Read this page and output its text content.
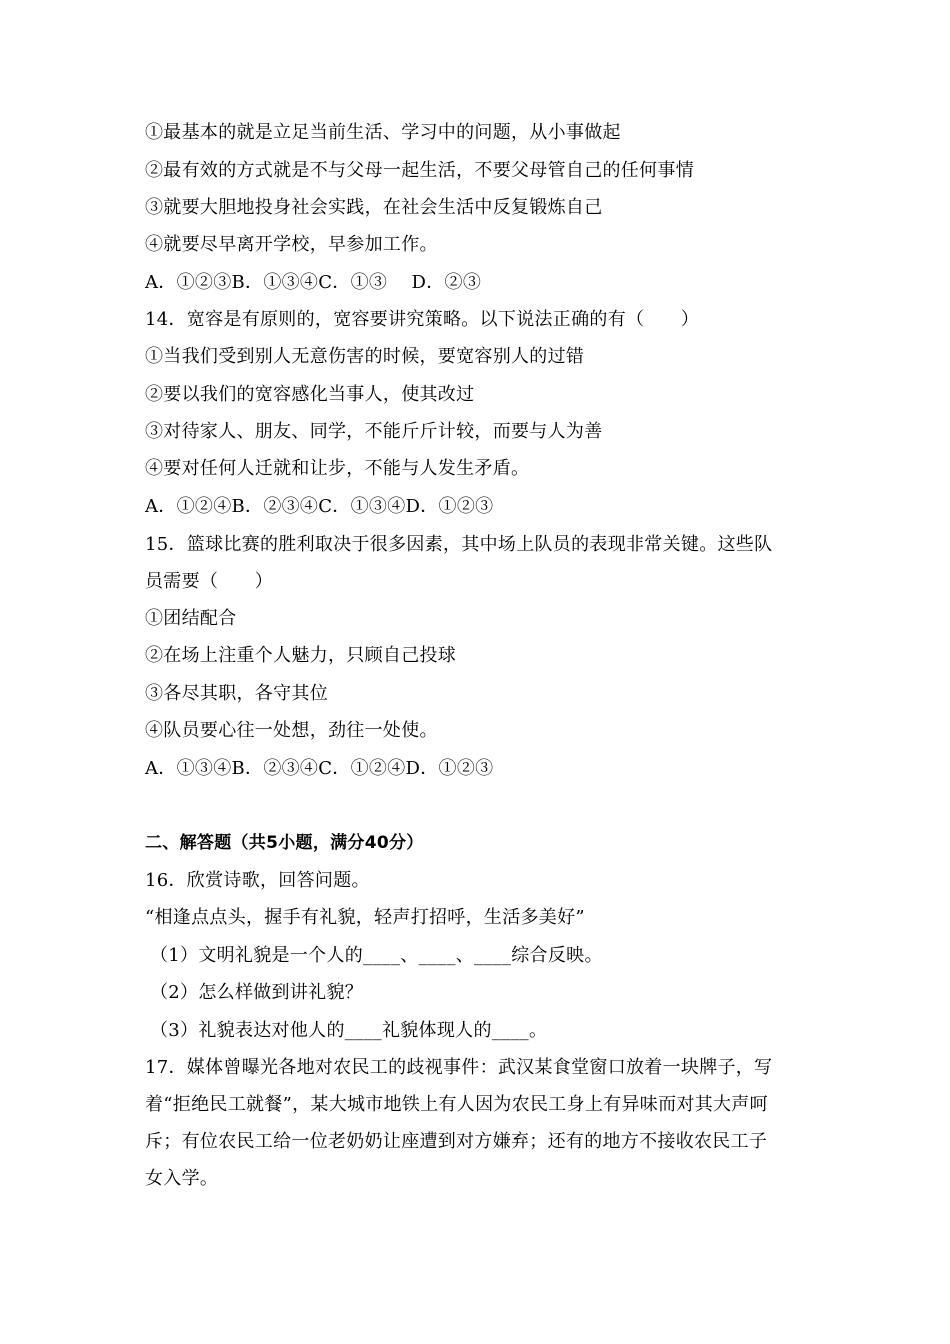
①最基本的就是立足当前生活、学习中的问题，从小事做起
②最有效的方式就是不与父母一起生活，不要父母管自己的任何事情
③就要大胆地投身社会实践，在社会生活中反复锻炼自己
④就要尽早离开学校，早参加工作。
A．①②③B．①③④C．①③　 D．②③
14．宽容是有原则的，宽容要讲究策略。以下说法正确的有（　　）
①当我们受到别人无意伤害的时候，要宽容别人的过错
②要以我们的宽容感化当事人，使其改过
③对待家人、朋友、同学，不能斤斤计较，而要与人为善
④要对任何人迁就和让步，不能与人发生矛盾。
A．①②④B．②③④C．①③④D．①②③
15．篮球比赛的胜利取决于很多因素，其中场上队员的表现非常关键。这些队
员需要（　　）
①团结配合
②在场上注重个人魅力，只顾自己投球
③各尽其职，各守其位
④队员要心往一处想，劲往一处使。
A．①③④B．②③④C．①②④D．①②③
二、解答题（共5小题，满分40分）
16．欣赏诗歌，回答问题。
“相逢点点头，握手有礼貌，轻声打招呼，生活多美好”
（1）文明礼貌是一个人的____、____、____综合反映。
（2）怎么样做到讲礼貌？
（3）礼貌表达对他人的____礼貌体现人的____。
17．媒体曾曝光各地对农民工的歧视事件：武汉某食堂窗口放着一块牌子，写
着“拒绝民工就餐”，某大城市地铁上有人因为农民工身上有异味而对其大声呵
斥；有位农民工给一位老奶奶让座遭到对方嫌弃；还有的地方不接收农民工子
女入学。
